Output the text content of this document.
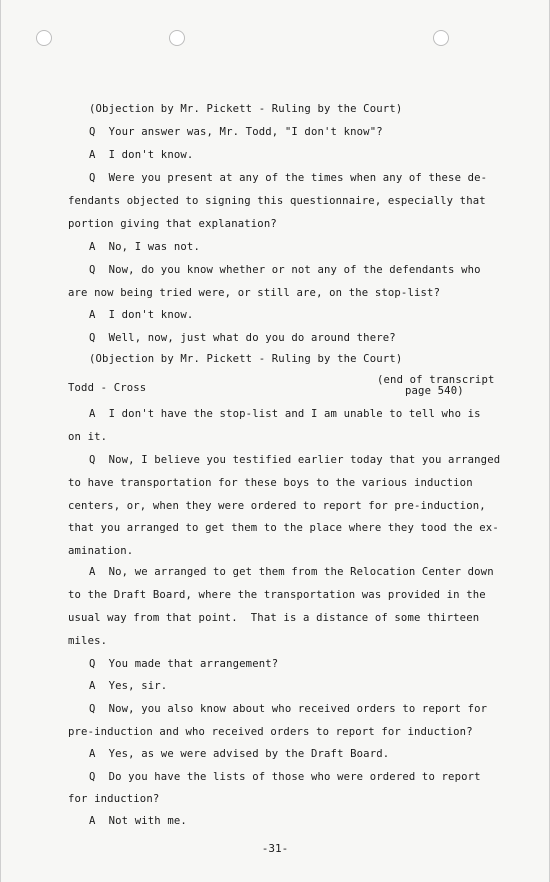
(Objection by Mr. Pickett - Ruling by the Court)
Q  Your answer was, Mr. Todd, "I don't know"?
A  I don't know.
Q  Were you present at any of the times when any of these de-
fendants objected to signing this questionnaire, especially that
portion giving that explanation?
A  No, I was not.
Q  Now, do you know whether or not any of the defendants who
are now being tried were, or still are, on the stop-list?
A  I don't know.
Q  Well, now, just what do you do around there?
(Objection by Mr. Pickett - Ruling by the Court)
(end of transcript
page 540)
Todd - Cross
A  I don't have the stop-list and I am unable to tell who is
on it.
Q  Now, I believe you testified earlier today that you arranged
to have transportation for these boys to the various induction
centers, or, when they were ordered to report for pre-induction,
that you arranged to get them to the place where they tood the ex-
amination.
A  No, we arranged to get them from the Relocation Center down
to the Draft Board, where the transportation was provided in the
usual way from that point.  That is a distance of some thirteen
miles.
Q  You made that arrangement?
A  Yes, sir.
Q  Now, you also know about who received orders to report for
pre-induction and who received orders to report for induction?
A  Yes, as we were advised by the Draft Board.
Q  Do you have the lists of those who were ordered to report
for induction?
A  Not with me.
-31-
